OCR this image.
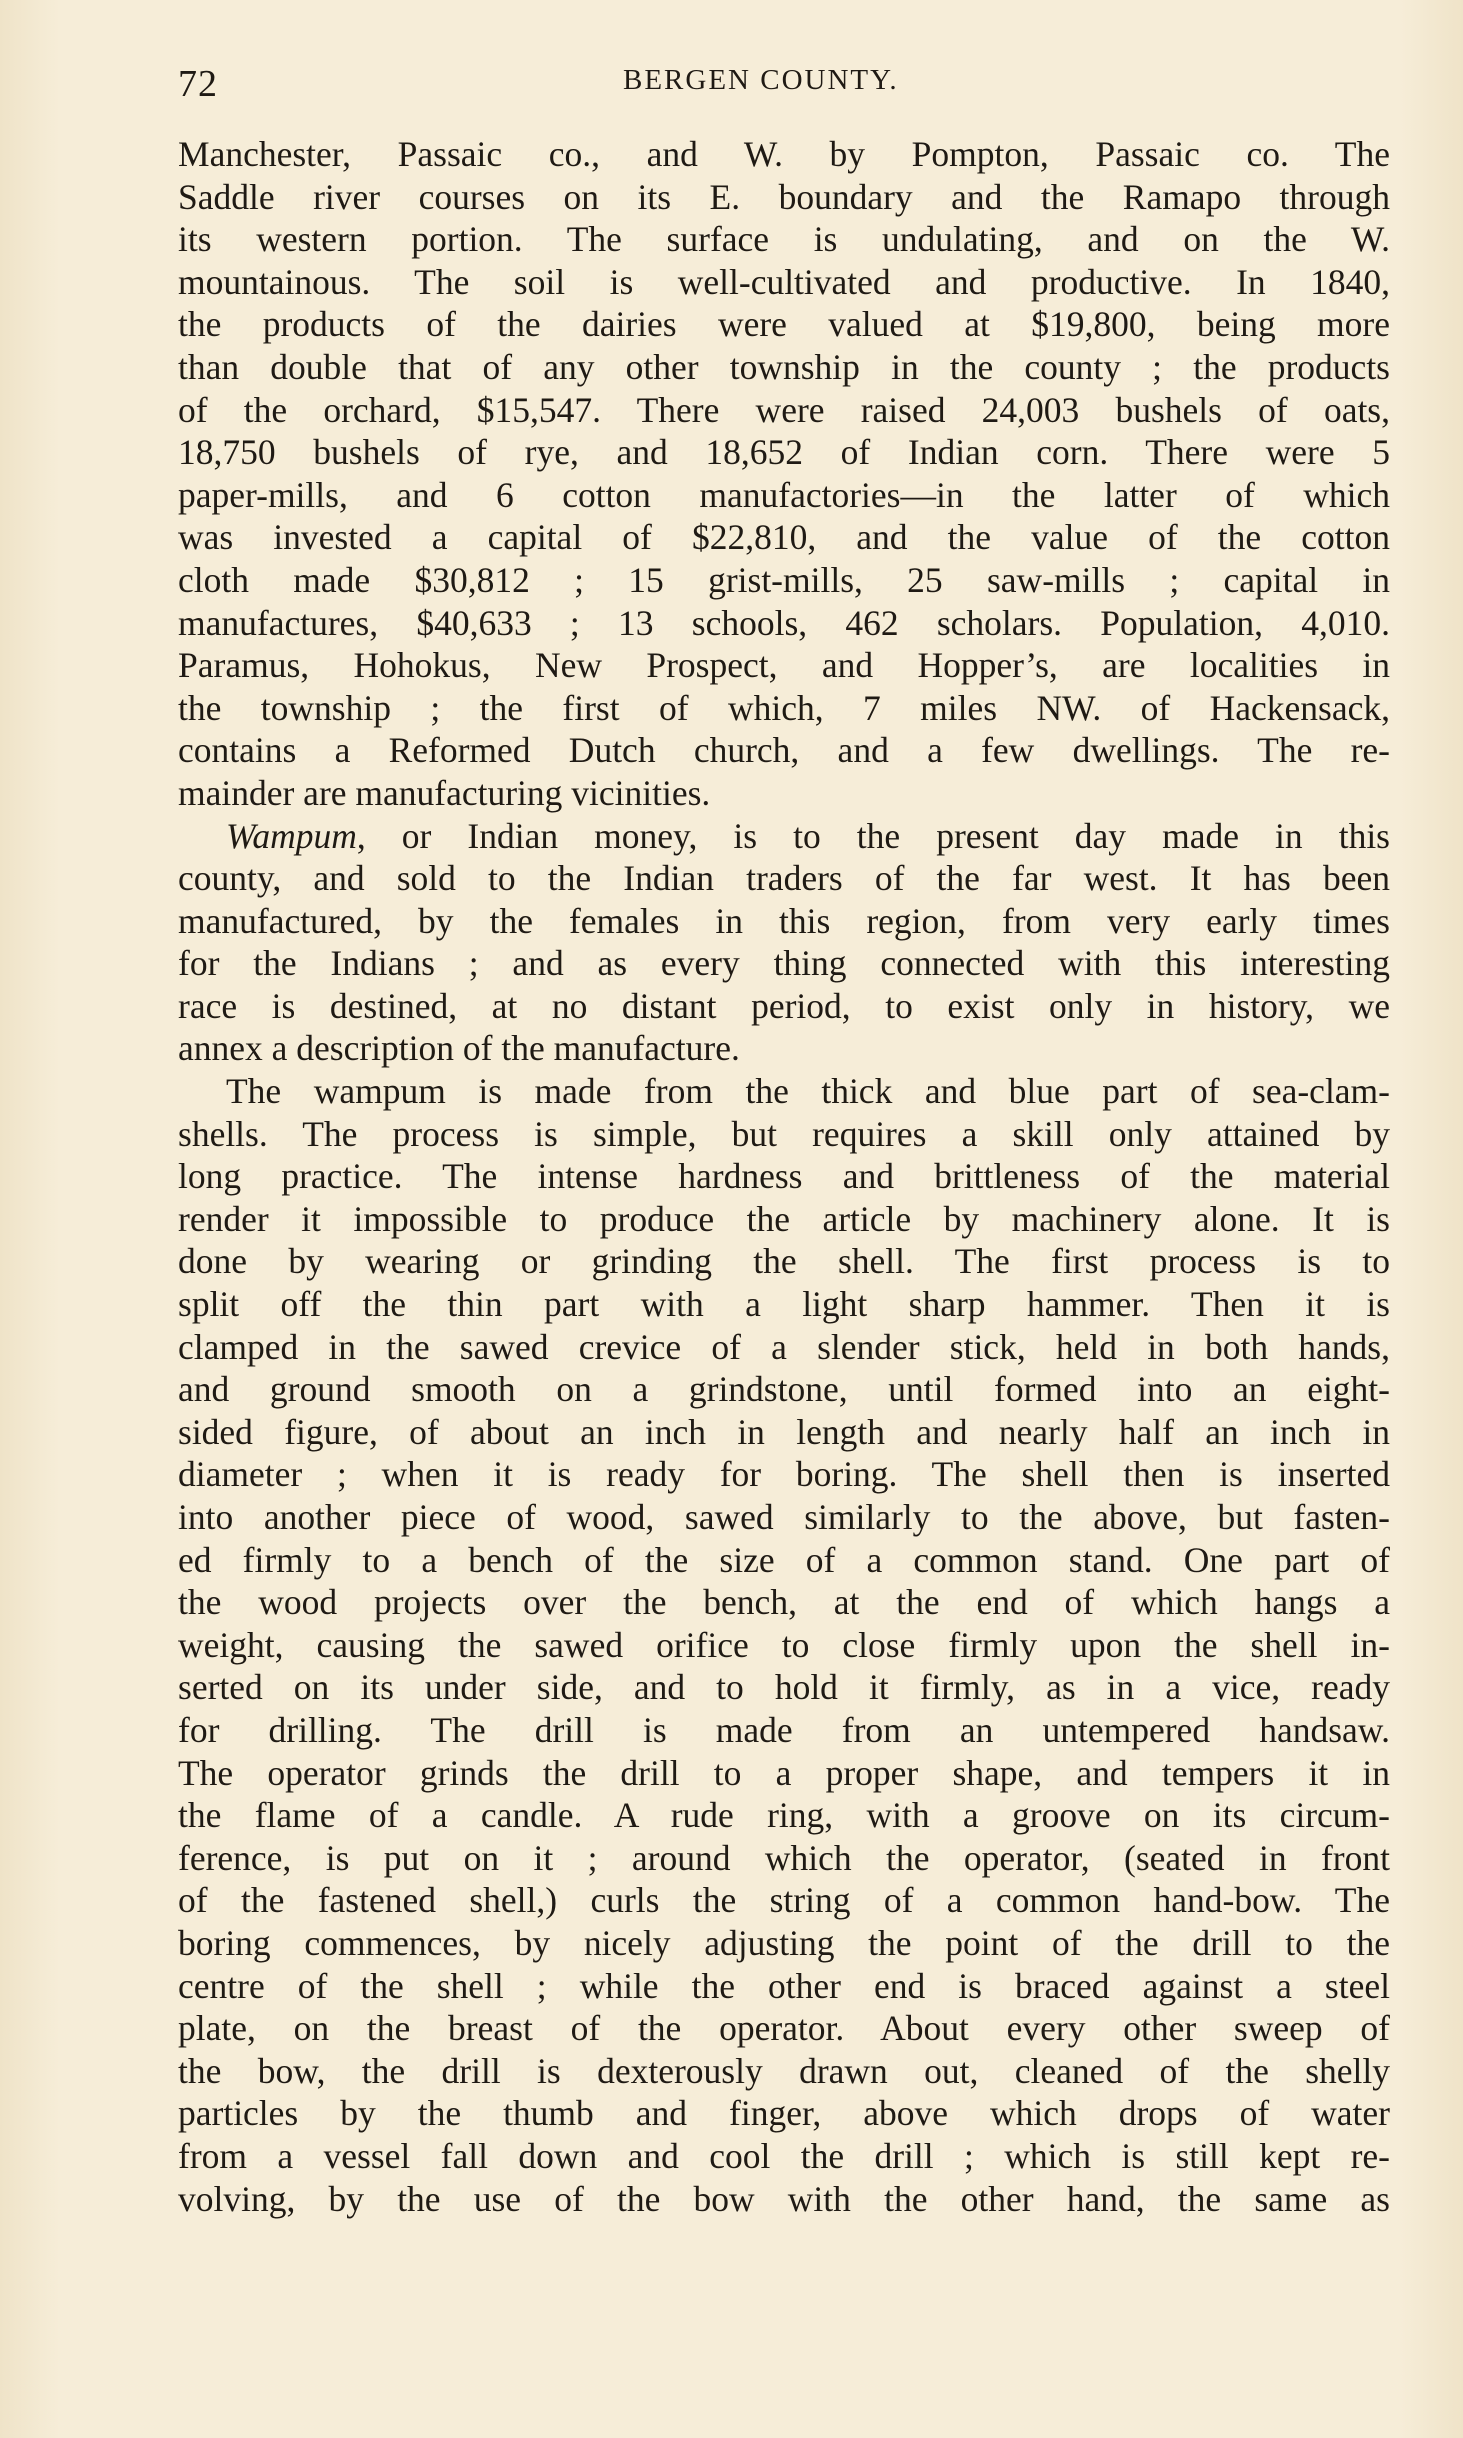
72	BERGEN COUNTY.
Manchester, Passaic co., and W. by Pompton, Passaic co. The
Saddle river courses on its E. boundary and the Ramapo through
its western portion. The surface is undulating, and on the W.
mountainous. The soil is well-cultivated and productive. In 1840,
the products of the dairies were valued at $19,800, being more
than double that of any other township in the county ; the products
of the orchard, $15,547. There were raised 24,003 bushels of oats,
18,750 bushels of rye, and 18,652 of Indian corn. There were 5
paper-mills, and 6 cotton manufactories—in the latter of which
was invested a capital of $22,810, and the value of the cotton
cloth made $30,812 ; 15 grist-mills, 25 saw-mills ; capital in
manufactures, $40,633 ; 13 schools, 462 scholars. Population, 4,010.
Paramus, Hohokus, New Prospect, and Hopper’s, are localities in
the township ; the first of which, 7 miles NW. of Hackensack,
contains a Reformed Dutch church, and a few dwellings. The re-
mainder are manufacturing vicinities.
Wampum, or Indian money, is to the present day made in this
county, and sold to the Indian traders of the far west. It has been
manufactured, by the females in this region, from very early times
for the Indians ; and as every thing connected with this interesting
race is destined, at no distant period, to exist only in history, we
annex a description of the manufacture.
The wampum is made from the thick and blue part of sea-clam-
shells. The process is simple, but requires a skill only attained by
long practice. The intense hardness and brittleness of the material
render it impossible to produce the article by machinery alone. It is
done by wearing or grinding the shell. The first process is to
split off the thin part with a light sharp hammer. Then it is
clamped in the sawed crevice of a slender stick, held in both hands,
and ground smooth on a grindstone, until formed into an eight-
sided figure, of about an inch in length and nearly half an inch in
diameter ; when it is ready for boring. The shell then is inserted
into another piece of wood, sawed similarly to the above, but fasten-
ed firmly to a bench of the size of a common stand. One part of
the wood projects over the bench, at the end of which hangs a
weight, causing the sawed orifice to close firmly upon the shell in-
serted on its under side, and to hold it firmly, as in a vice, ready
for drilling. The drill is made from an untempered handsaw.
The operator grinds the drill to a proper shape, and tempers it in
the flame of a candle. A rude ring, with a groove on its circum-
ference, is put on it ; around which the operator, (seated in front
of the fastened shell,) curls the string of a common hand-bow. The
boring commences, by nicely adjusting the point of the drill to the
centre of the shell ; while the other end is braced against a steel
plate, on the breast of the operator. About every other sweep of
the bow, the drill is dexterously drawn out, cleaned of the shelly
particles by the thumb and finger, above which drops of water
from a vessel fall down and cool the drill ; which is still kept re-
volving, by the use of the bow with the other hand, the same as
